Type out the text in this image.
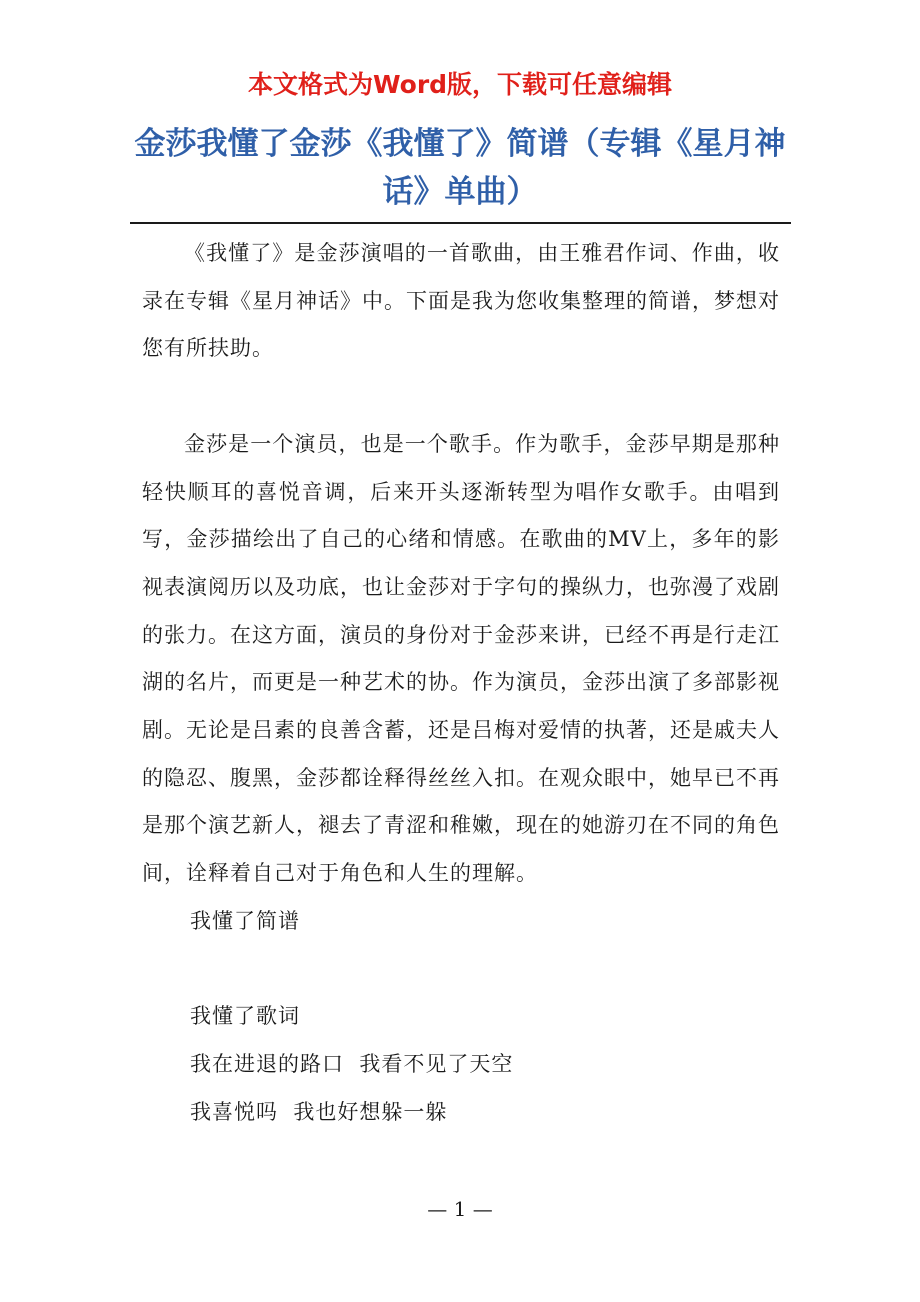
本文格式为Word版，下载可任意编辑
金莎我懂了金莎《我懂了》简谱（专辑《星月神话》单曲）

《我懂了》是金莎演唱的一首歌曲，由王雅君作词、作曲，收录在专辑《星月神话》中。下面是我为您收集整理的简谱，梦想对您有所扶助。

金莎是一个演员，也是一个歌手。作为歌手，金莎早期是那种轻快顺耳的喜悦音调，后来开头逐渐转型为唱作女歌手。由唱到写，金莎描绘出了自己的心绪和情感。在歌曲的MV上，多年的影视表演阅历以及功底，也让金莎对于字句的操纵力，也弥漫了戏剧的张力。在这方面，演员的身份对于金莎来讲，已经不再是行走江湖的名片，而更是一种艺术的协。作为演员，金莎出演了多部影视剧。无论是吕素的良善含蓄，还是吕梅对爱情的执著，还是戚夫人的隐忍、腹黑，金莎都诠释得丝丝入扣。在观众眼中，她早已不再是那个演艺新人，褪去了青涩和稚嫩，现在的她游刃在不同的角色间，诠释着自己对于角色和人生的理解。

我懂了简谱

我懂了歌词

我在进退的路口  我看不见了天空

我喜悦吗  我也好想躲一躲

— 1 —
